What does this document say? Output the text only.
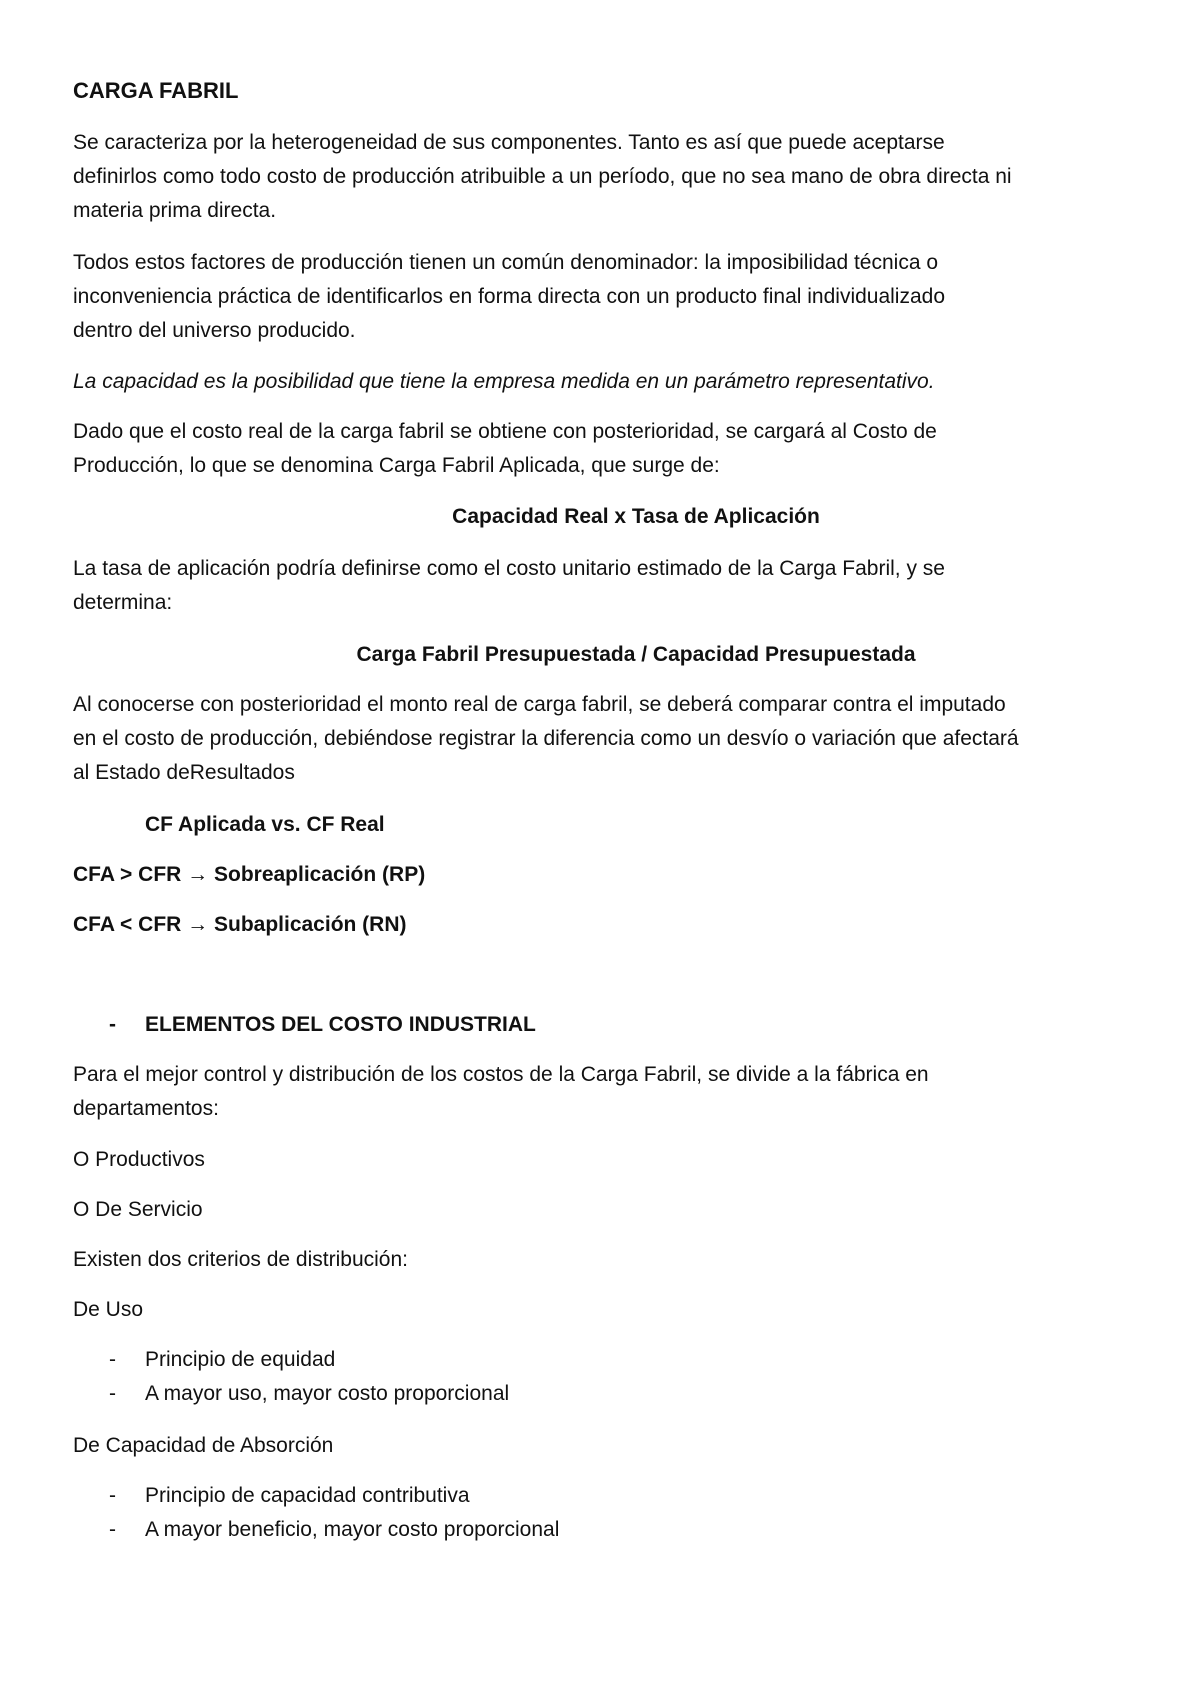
CARGA FABRIL
Se caracteriza por la heterogeneidad de sus componentes. Tanto es así que puede aceptarse
definirlos como todo costo de producción atribuible a un período, que no sea mano de obra directa ni
materia prima directa.
Todos estos factores de producción tienen un común denominador: la imposibilidad técnica o
inconveniencia práctica de identificarlos en forma directa con un producto final individualizado
dentro del universo producido.
La capacidad es la posibilidad que tiene la empresa medida en un parámetro representativo.
Dado que el costo real de la carga fabril se obtiene con posterioridad, se cargará al Costo de
Producción, lo que se denomina Carga Fabril Aplicada, que surge de:
Capacidad Real x Tasa de Aplicación
La tasa de aplicación podría definirse como el costo unitario estimado de la Carga Fabril, y se
determina:
Carga Fabril Presupuestada / Capacidad Presupuestada
Al conocerse con posterioridad el monto real de carga fabril, se deberá comparar contra el imputado
en el costo de producción, debiéndose registrar la diferencia como un desvío o variación que afectará
al Estado deResultados
CF Aplicada vs. CF Real
CFA > CFR → Sobreaplicación (RP)
CFA < CFR → Subaplicación (RN)
- ELEMENTOS DEL COSTO INDUSTRIAL
Para el mejor control y distribución de los costos de la Carga Fabril, se divide a la fábrica en
departamentos:
O Productivos
O De Servicio
Existen dos criterios de distribución:
De Uso
- Principio de equidad
- A mayor uso, mayor costo proporcional
De Capacidad de Absorción
- Principio de capacidad contributiva
- A mayor beneficio, mayor costo proporcional
